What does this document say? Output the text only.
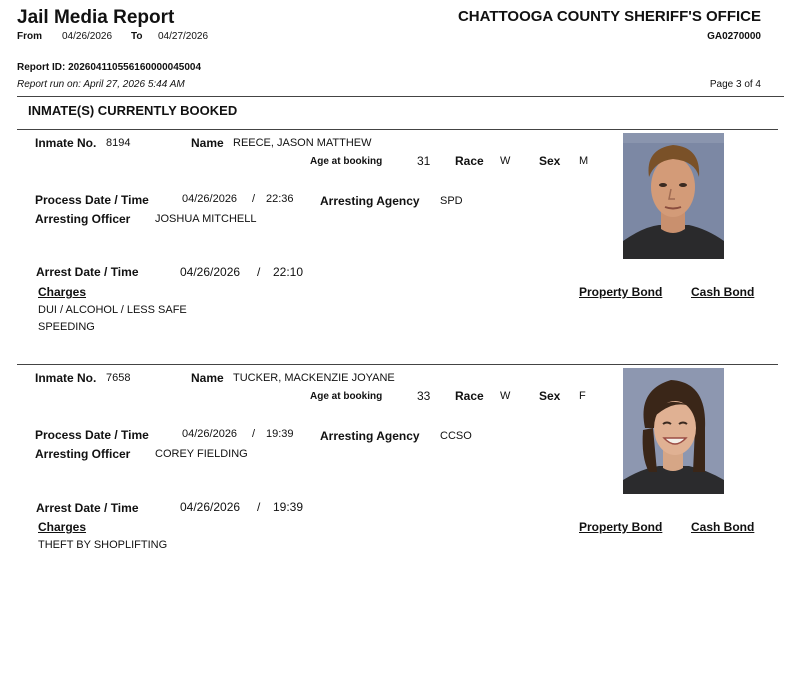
Jail Media Report	CHATTOOGA COUNTY SHERIFF'S OFFICE
From 04/26/2026 To 04/27/2026	GA0270000
Report ID: 202604110556160000045004
Report run on: April 27, 2026 5:44 AM	Page 3 of 4
INMATE(S) CURRENTLY BOOKED
Inmate No. 8194	Name REECE, JASON MATTHEW
Age at booking	31 Race W Sex M
Process Date / Time	04/26/2026 / 22:36 Arresting Agency SPD
Arresting Officer JOSHUA MITCHELL
Arrest Date / Time	04/26/2026 / 22:10
Charges	Property Bond Cash Bond
DUI / ALCOHOL / LESS SAFE
SPEEDING
Inmate No. 7658	Name TUCKER, MACKENZIE JOYANE
Age at booking	33 Race W Sex F
Process Date / Time	04/26/2026 / 19:39 Arresting Agency CCSO
Arresting Officer COREY FIELDING
Arrest Date / Time	04/26/2026 / 19:39
Charges	Property Bond Cash Bond
THEFT BY SHOPLIFTING
